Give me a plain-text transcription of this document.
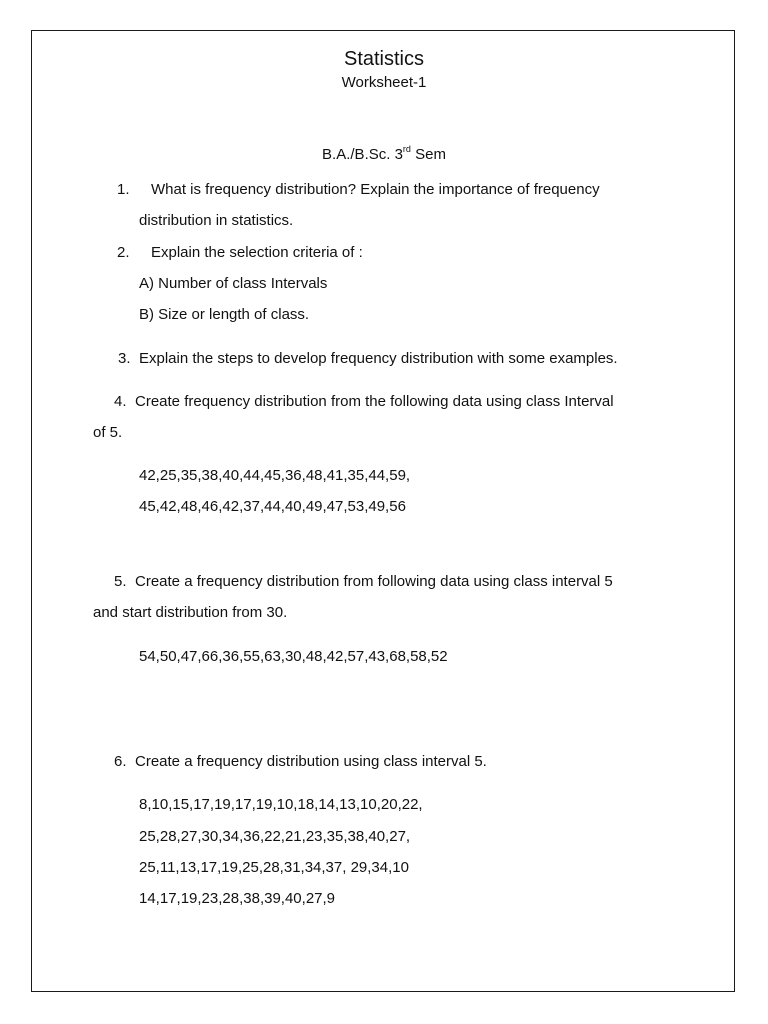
Statistics
Worksheet-1
B.A./B.Sc. 3rd Sem
1. What is frequency distribution? Explain the importance of frequency
distribution in statistics.
2. Explain the selection criteria of :
A) Number of class Intervals
B) Size or length of class.
3. Explain the steps to develop frequency distribution with some examples.
4. Create frequency distribution from the following data using class Interval
of 5.
42,25,35,38,40,44,45,36,48,41,35,44,59,
45,42,48,46,42,37,44,40,49,47,53,49,56
5. Create a frequency distribution from following data using class interval 5
and start distribution from 30.
54,50,47,66,36,55,63,30,48,42,57,43,68,58,52
6. Create a frequency distribution using class interval 5.
8,10,15,17,19,17,19,10,18,14,13,10,20,22,
25,28,27,30,34,36,22,21,23,35,38,40,27,
25,11,13,17,19,25,28,31,34,37, 29,34,10
14,17,19,23,28,38,39,40,27,9
